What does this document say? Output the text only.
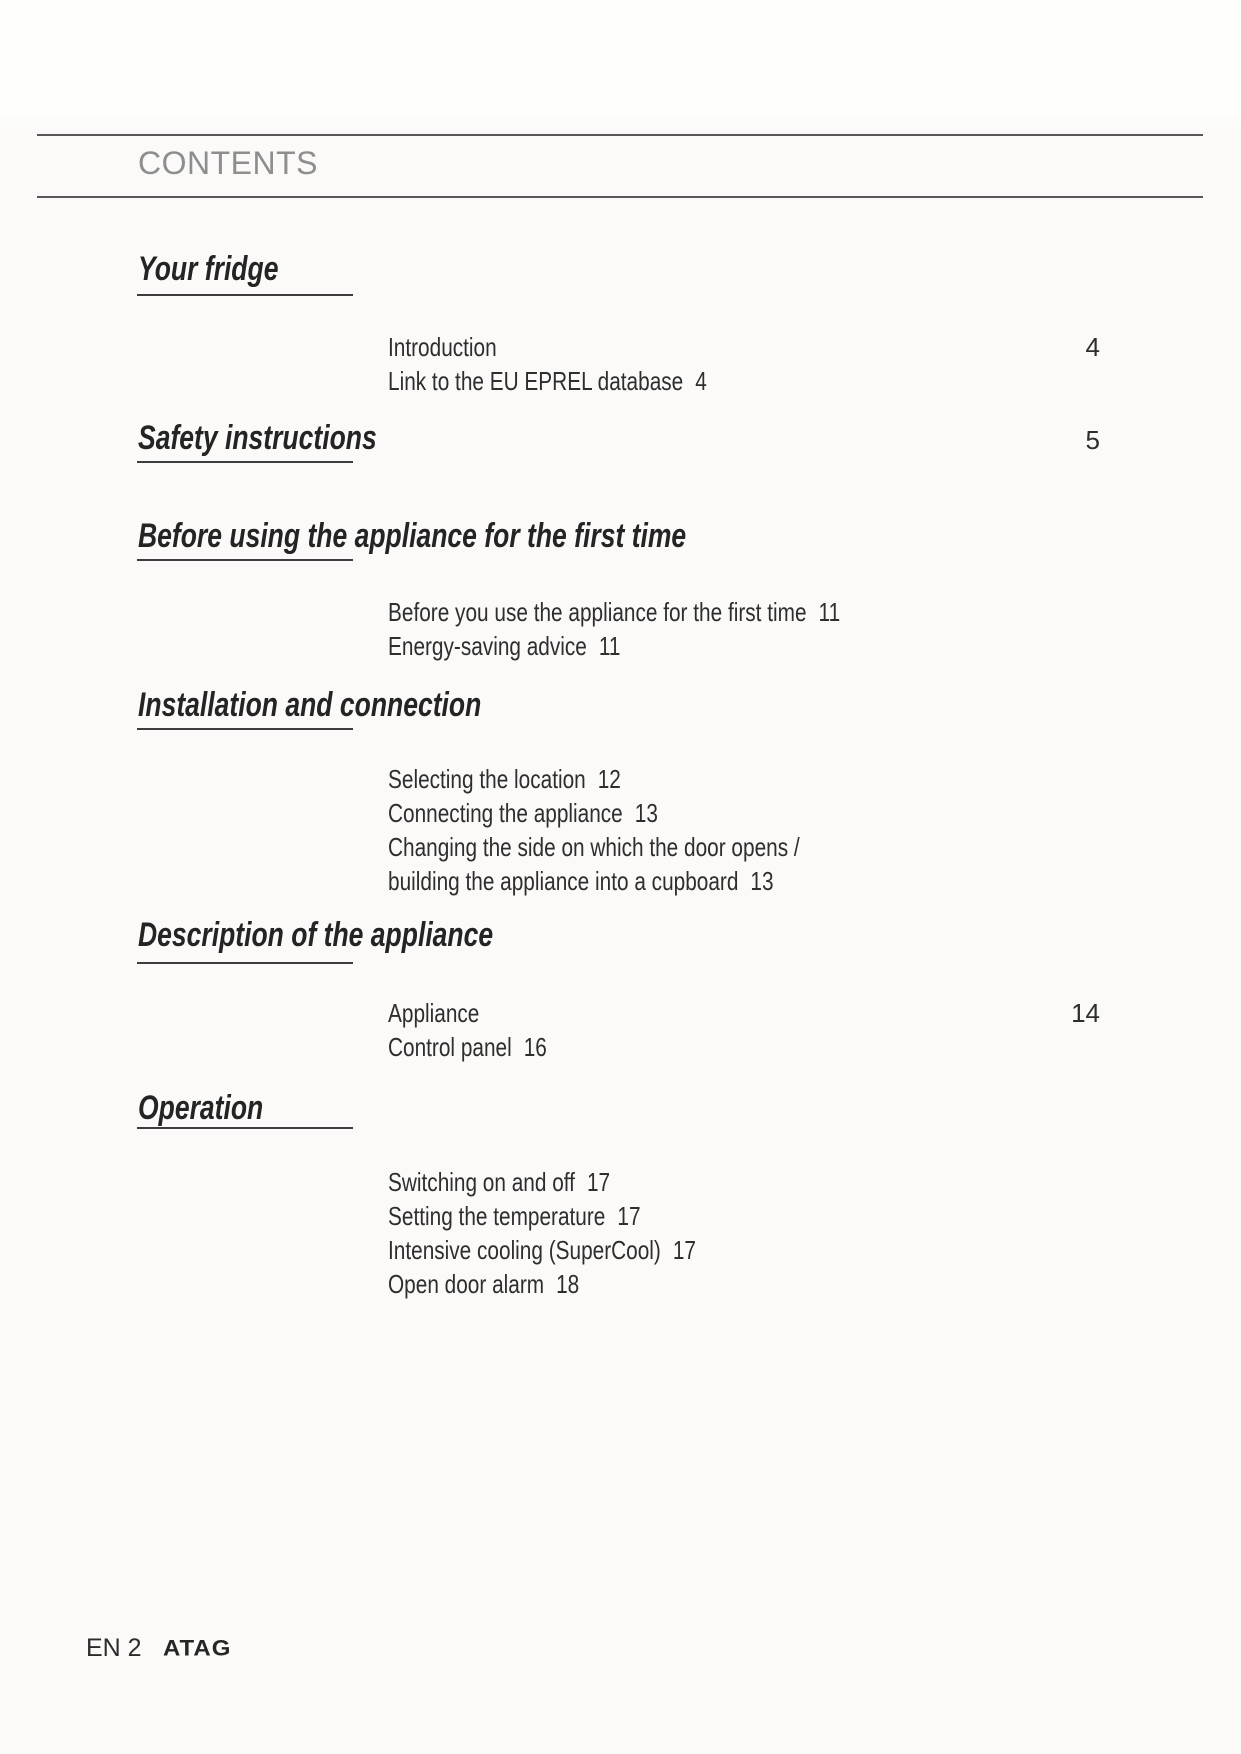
CONTENTS
Your fridge
Introduction	4
Link to the EU EPREL database 4
Safety instructions	5
Before using the appliance for the first time
Before you use the appliance for the first time 11
Energy-saving advice 11
Installation and connection
Selecting the location 12
Connecting the appliance 13
Changing the side on which the door opens /
building the appliance into a cupboard 13
Description of the appliance
Appliance	14
Control panel 16
Operation
Switching on and off 17
Setting the temperature 17
Intensive cooling (SuperCool) 17
Open door alarm 18
EN 2 ATAG
